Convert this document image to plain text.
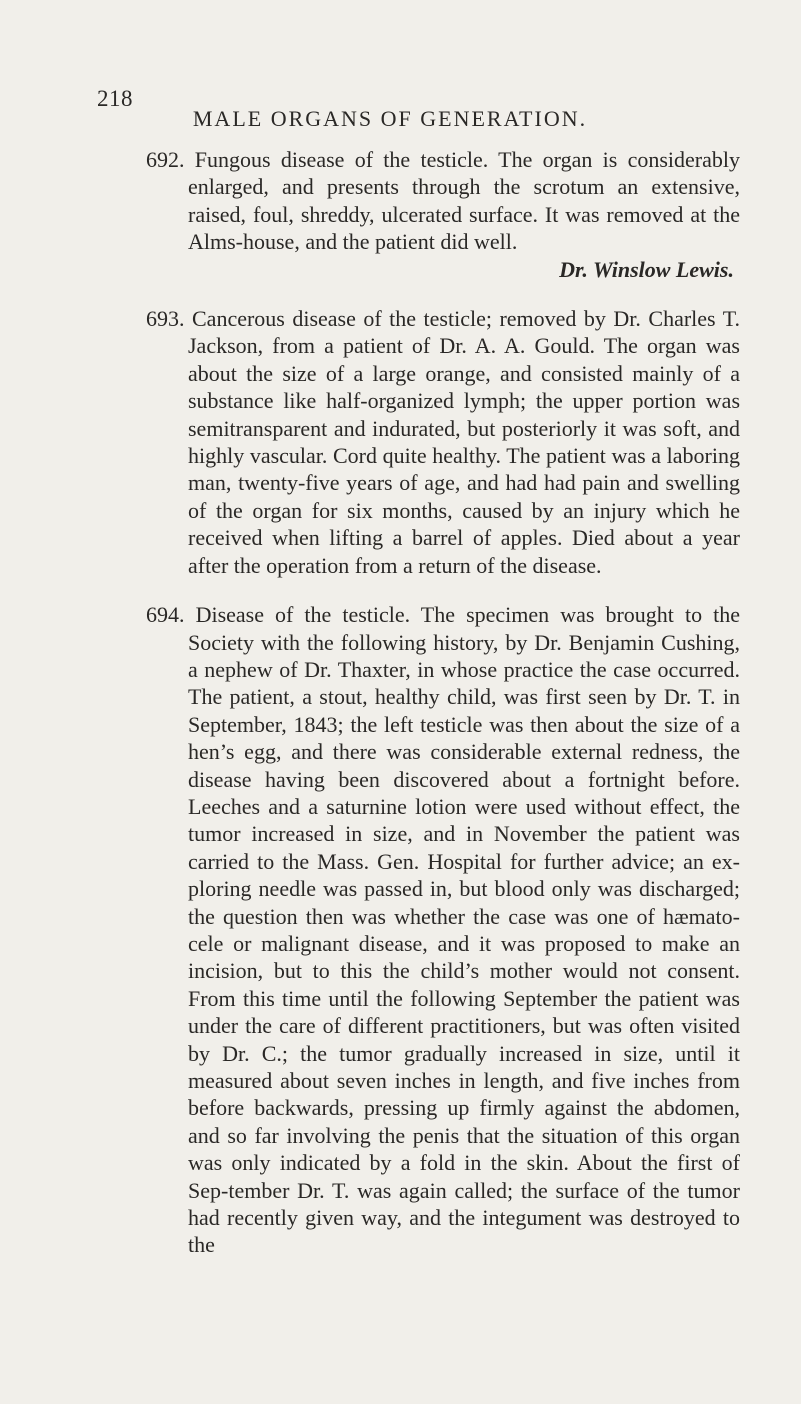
218
MALE ORGANS OF GENERATION.

692. Fungous disease of the testicle. The organ is considerably enlarged, and presents through the scrotum an extensive, raised, foul, shreddy, ulcerated surface. It was removed at the Alms-house, and the patient did well.
Dr. Winslow Lewis.

693. Cancerous disease of the testicle; removed by Dr. Charles T. Jackson, from a patient of Dr. A. A. Gould. The organ was about the size of a large orange, and consisted mainly of a substance like half-organized lymph; the upper portion was semitransparent and indurated, but posteriorly it was soft, and highly vascular. Cord quite healthy. The patient was a laboring man, twenty-five years of age, and had had pain and swelling of the organ for six months, caused by an injury which he received when lifting a barrel of apples. Died about a year after the operation from a return of the disease.

694. Disease of the testicle. The specimen was brought to the Society with the following history, by Dr. Benjamin Cushing, a nephew of Dr. Thaxter, in whose practice the case occurred. The patient, a stout, healthy child, was first seen by Dr. T. in September, 1843; the left testicle was then about the size of a hen’s egg, and there was considerable external redness, the disease having been discovered about a fortnight before. Leeches and a saturnine lotion were used without effect, the tumor increased in size, and in November the patient was carried to the Mass. Gen. Hospital for further advice; an ex-ploring needle was passed in, but blood only was discharged; the question then was whether the case was one of hæmato-cele or malignant disease, and it was proposed to make an incision, but to this the child’s mother would not consent. From this time until the following September the patient was under the care of different practitioners, but was often visited by Dr. C.; the tumor gradually increased in size, until it measured about seven inches in length, and five inches from before backwards, pressing up firmly against the abdomen, and so far involving the penis that the situation of this organ was only indicated by a fold in the skin. About the first of Sep-tember Dr. T. was again called; the surface of the tumor had recently given way, and the integument was destroyed to the
